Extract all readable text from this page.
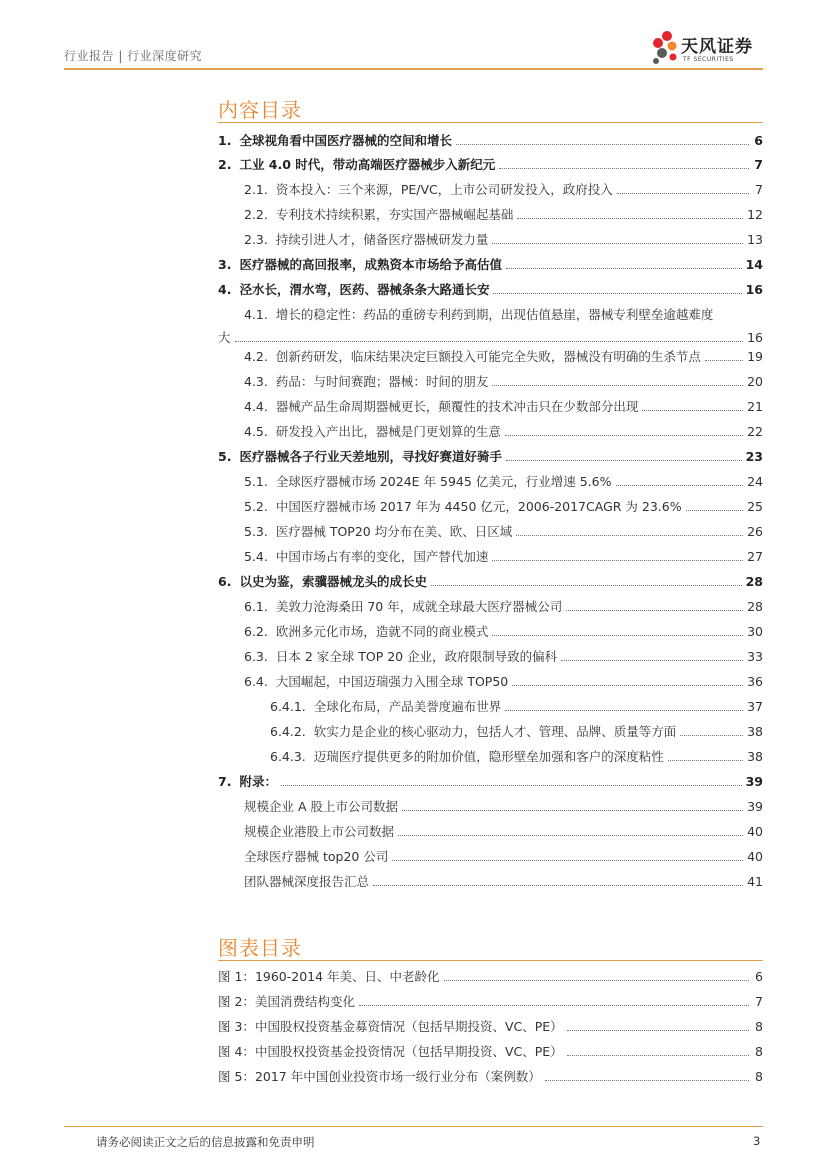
行业报告 | 行业深度研究	天风证券
TF SECURITIES
内容目录
1. 全球视角看中国医疗器械的空间和增长	6
2. 工业 4.0 时代，带动高端医疗器械步入新纪元	7
2.1. 资本投入：三个来源，PE/VC，上市公司研发投入，政府投入	7
2.2. 专利技术持续积累，夯实国产器械崛起基础	12
2.3. 持续引进人才，储备医疗器械研发力量	13
3. 医疗器械的高回报率，成熟资本市场给予高估值	14
4. 泾水长，渭水弯，医药、器械条条大路通长安	16
4.1. 增长的稳定性：药品的重磅专利药到期，出现估值悬崖，器械专利壁垒逾越难度
大	16
4.2. 创新药研发，临床结果决定巨额投入可能完全失败，器械没有明确的生杀节点	19
4.3. 药品：与时间赛跑；器械：时间的朋友	20
4.4. 器械产品生命周期器械更长，颠覆性的技术冲击只在少数部分出现	21
4.5. 研发投入产出比，器械是门更划算的生意	22
5. 医疗器械各子行业天差地别，寻找好赛道好骑手	23
5.1. 全球医疗器械市场 2024E 年 5945 亿美元，行业增速 5.6%	24
5.2. 中国医疗器械市场 2017 年为 4450 亿元，2006-2017CAGR 为 23.6%	25
5.3. 医疗器械 TOP20 均分布在美、欧、日区域	26
5.4. 中国市场占有率的变化，国产替代加速	27
6. 以史为鉴，索骥器械龙头的成长史	28
6.1. 美敦力沧海桑田 70 年，成就全球最大医疗器械公司	28
6.2. 欧洲多元化市场，造就不同的商业模式	30
6.3. 日本 2 家全球 TOP 20 企业，政府限制导致的偏科	33
6.4. 大国崛起，中国迈瑞强力入围全球 TOP50	36
6.4.1. 全球化布局，产品美誉度遍布世界	37
6.4.2. 软实力是企业的核心驱动力，包括人才、管理、品牌、质量等方面	38
6.4.3. 迈瑞医疗提供更多的附加价值，隐形壁垒加强和客户的深度粘性	38
7. 附录：	39
规模企业 A 股上市公司数据	39
规模企业港股上市公司数据	40
全球医疗器械 top20 公司	40
团队器械深度报告汇总	41
图表目录
图 1： 1960-2014 年美、日、中老龄化	6
图 2： 美国消费结构变化	7
图 3： 中国股权投资基金募资情况（包括早期投资、VC、PE）	8
图 4： 中国股权投资基金投资情况（包括早期投资、VC、PE）	8
图 5： 2017 年中国创业投资市场一级行业分布（案例数）	8
请务必阅读正文之后的信息披露和免责申明	3
